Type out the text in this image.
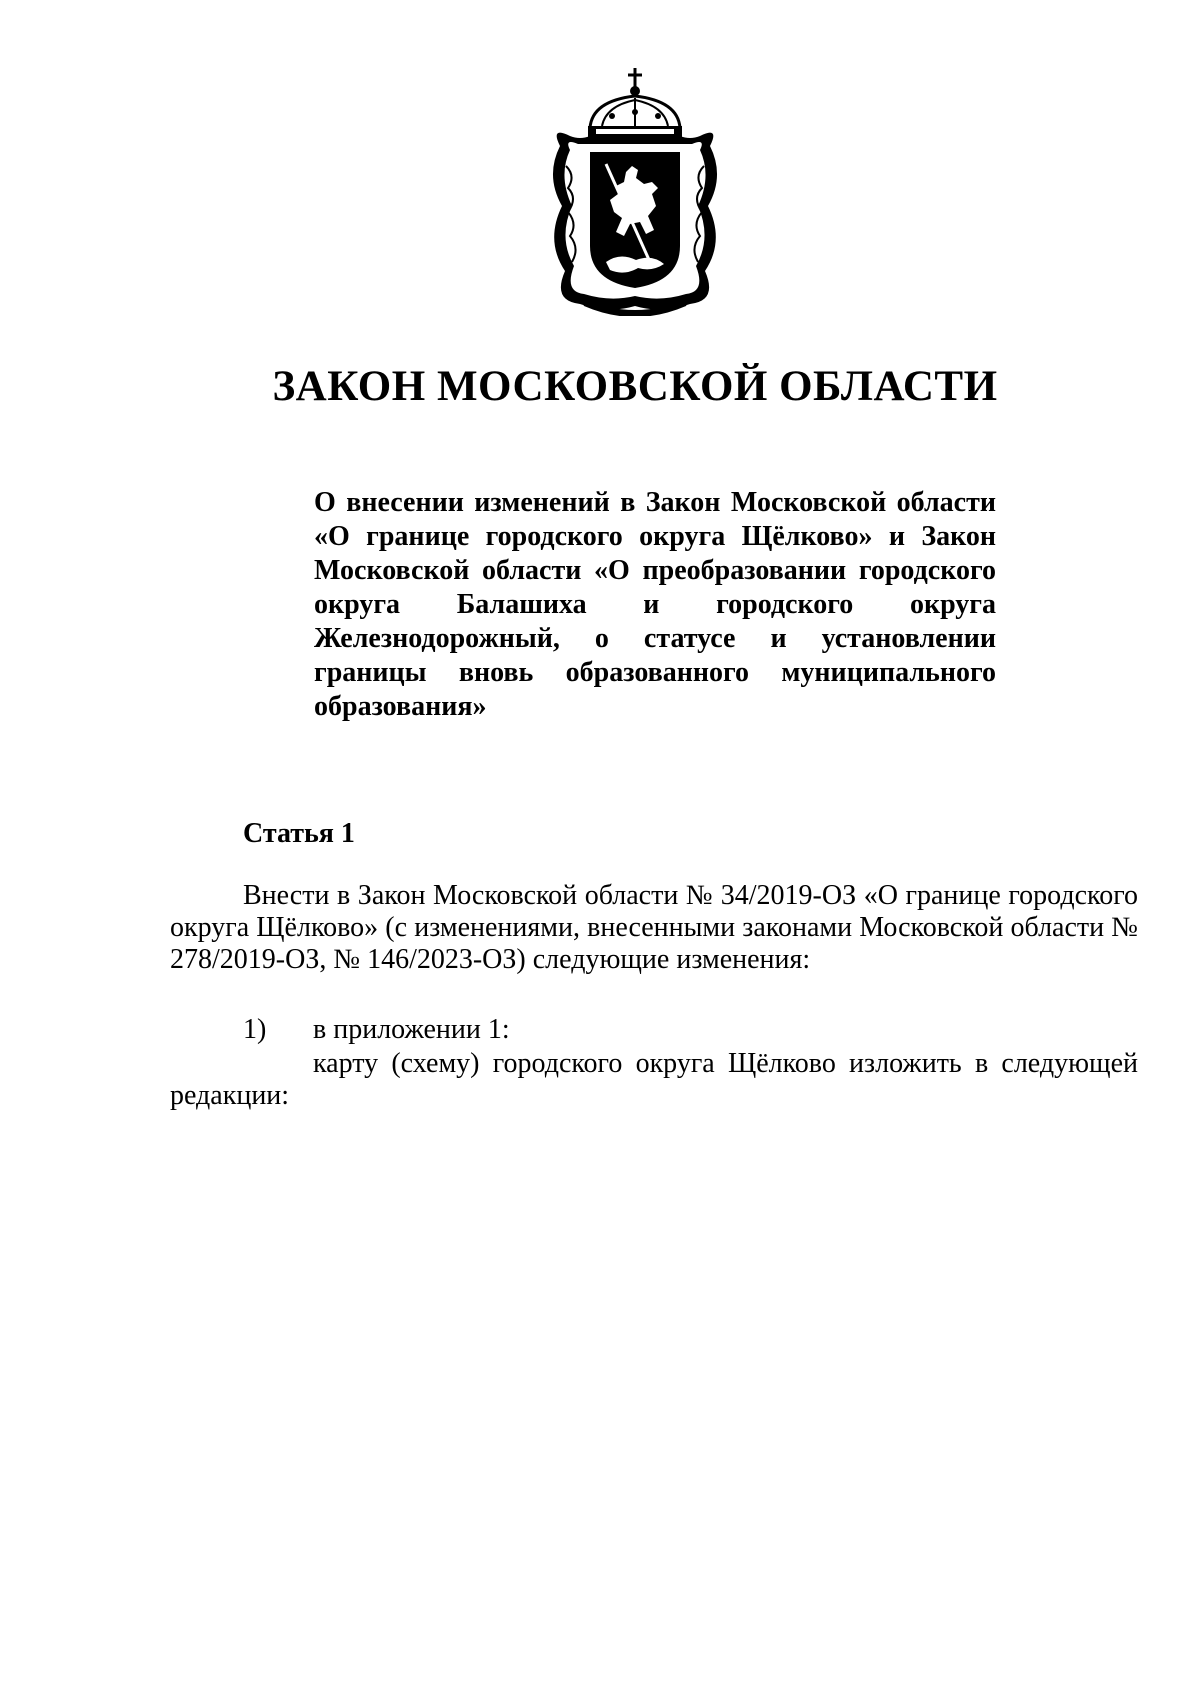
ЗАКОН МОСКОВСКОЙ ОБЛАСТИ

О внесении изменений в Закон Московской области «О границе городского округа Щёлково» и Закон Московской области «О преобразовании городского округа Балашиха и городского округа Железнодорожный, о статусе и установлении границы вновь образованного муниципального образования»

Статья 1

Внести в Закон Московской области № 34/2019-ОЗ «О границе городского округа Щёлково» (с изменениями, внесенными законами Московской области № 278/2019-ОЗ, № 146/2023-ОЗ) следующие изменения:

1) в приложении 1:

карту (схему) городского округа Щёлково изложить в следующей редакции:
